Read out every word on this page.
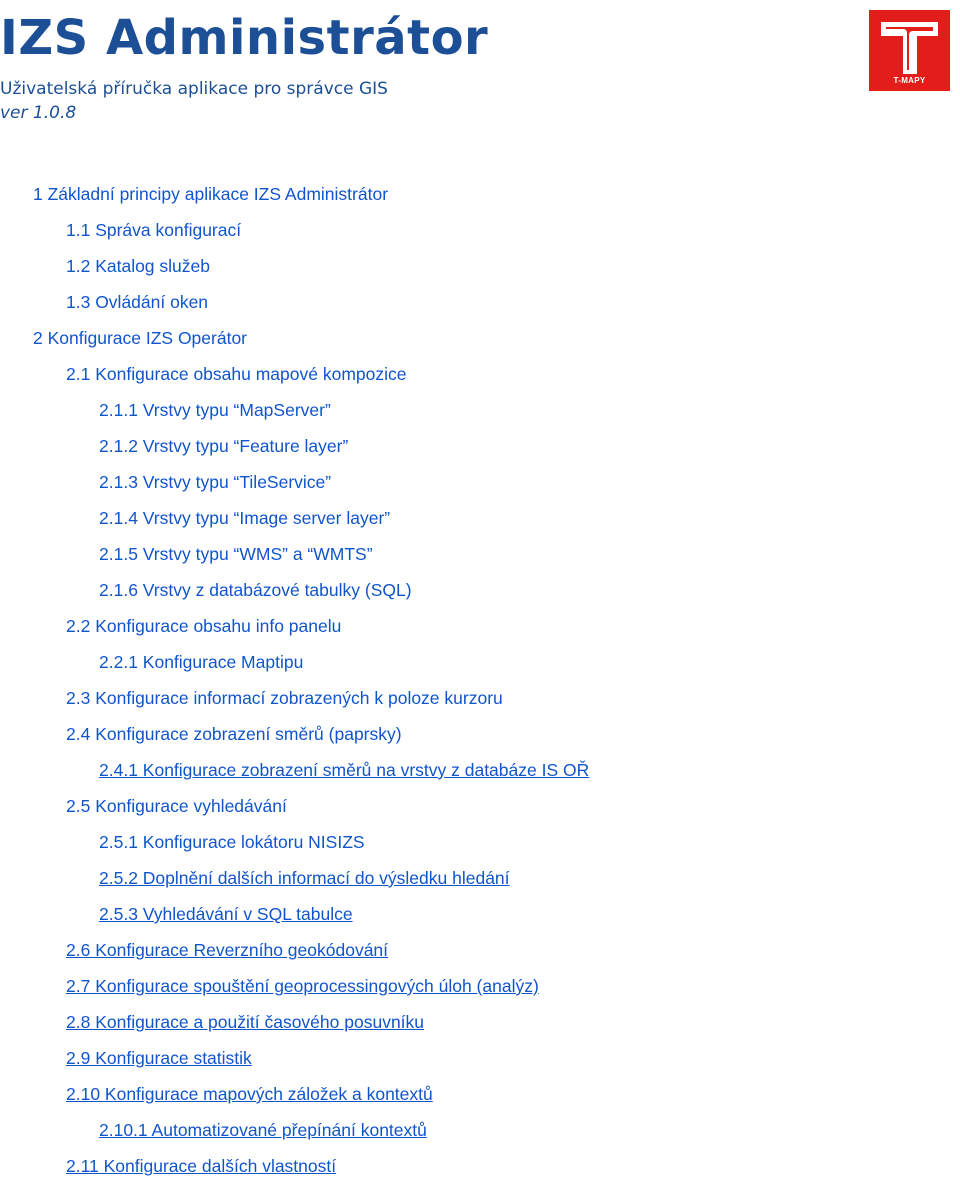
IZS Administrátor
Uživatelská příručka aplikace pro správce GIS
ver 1.0.8
T-MAPY
1 Základní principy aplikace IZS Administrátor
1.1 Správa konfigurací
1.2 Katalog služeb
1.3 Ovládání oken
2 Konfigurace IZS Operátor
2.1 Konfigurace obsahu mapové kompozice
2.1.1 Vrstvy typu “MapServer”
2.1.2 Vrstvy typu “Feature layer”
2.1.3 Vrstvy typu “TileService”
2.1.4 Vrstvy typu “Image server layer”
2.1.5 Vrstvy typu “WMS” a “WMTS”
2.1.6 Vrstvy z databázové tabulky (SQL)
2.2 Konfigurace obsahu info panelu
2.2.1 Konfigurace Maptipu
2.3 Konfigurace informací zobrazených k poloze kurzoru
2.4 Konfigurace zobrazení směrů (paprsky)
2.4.1 Konfigurace zobrazení směrů na vrstvy z databáze IS OŘ
2.5 Konfigurace vyhledávání
2.5.1 Konfigurace lokátoru NISIZS
2.5.2 Doplnění dalších informací do výsledku hledání
2.5.3 Vyhledávání v SQL tabulce
2.6 Konfigurace Reverzního geokódování
2.7 Konfigurace spouštění geoprocessingových úloh (analýz)
2.8 Konfigurace a použití časového posuvníku
2.9 Konfigurace statistik
2.10 Konfigurace mapových záložek a kontextů
2.10.1 Automatizované přepínání kontextů
2.11 Konfigurace dalších vlastností
